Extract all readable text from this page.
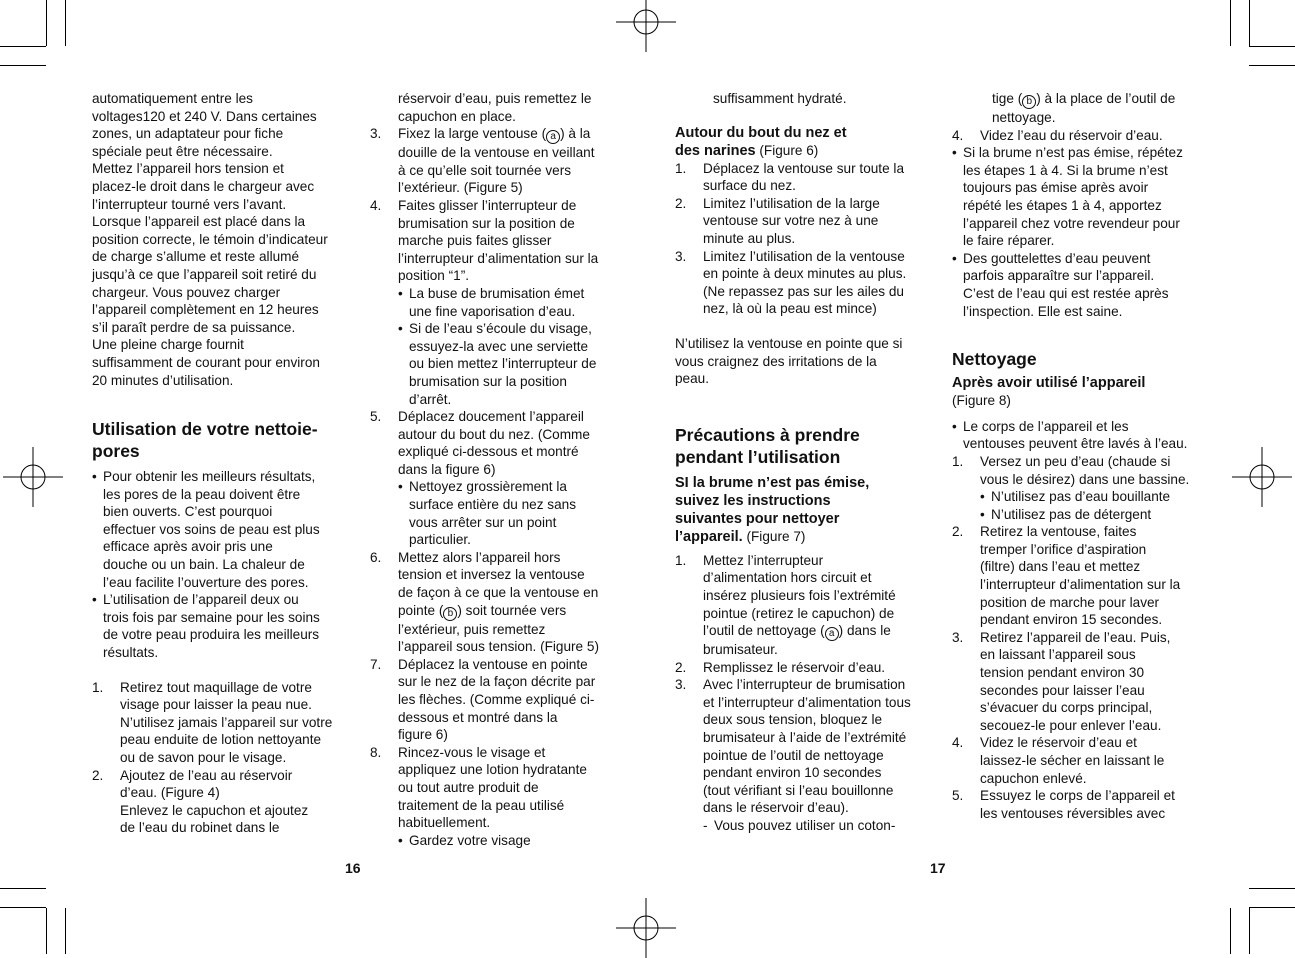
automatiquement entre les
voltages120 et 240 V. Dans certaines
zones, un adaptateur pour fiche
spéciale peut être nécessaire.
Mettez l’appareil hors tension et
placez-le droit dans le chargeur avec
l’interrupteur tourné vers l’avant.
Lorsque l’appareil est placé dans la
position correcte, le témoin d’indicateur
de charge s’allume et reste allumé
jusqu’à ce que l’appareil soit retiré du
chargeur. Vous pouvez charger
l’appareil complètement en 12 heures
s’il paraît perdre de sa puissance.
Une pleine charge fournit
suffisamment de courant pour environ
20 minutes d’utilisation.
Utilisation de votre nettoie-
pores
• Pour obtenir les meilleurs résultats,
les pores de la peau doivent être
bien ouverts. C’est pourquoi
effectuer vos soins de peau est plus
efficace après avoir pris une
douche ou un bain. La chaleur de
l’eau facilite l’ouverture des pores.
• L’utilisation de l’appareil deux ou
trois fois par semaine pour les soins
de votre peau produira les meilleurs
résultats.
1.	Retirez tout maquillage de votre
visage pour laisser la peau nue.
N’utilisez jamais l’appareil sur votre
peau enduite de lotion nettoyante
ou de savon pour le visage.
2.	Ajoutez de l’eau au réservoir
d’eau. (Figure 4)
Enlevez le capuchon et ajoutez
de l’eau du robinet dans le
réservoir d’eau, puis remettez le
capuchon en place.
3.	Fixez la large ventouse ( a ) à la
douille de la ventouse en veillant
à ce qu’elle soit tournée vers
l’extérieur. (Figure 5)
4.	Faites glisser l’interrupteur de
brumisation sur la position de
marche puis faites glisser
l’interrupteur d’alimentation sur la
position “1”.
• La buse de brumisation émet
une fine vaporisation d’eau.
• Si de l’eau s’écoule du visage,
essuyez-la avec une serviette
ou bien mettez l’interrupteur de
brumisation sur la position
d’arrêt.
5.	Déplacez doucement l’appareil
autour du bout du nez. (Comme
expliqué ci-dessous et montré
dans la figure 6)
• Nettoyez grossièrement la
surface entière du nez sans
vous arrêter sur un point
particulier.
6.	Mettez alors l’appareil hors
tension et inversez la ventouse
de façon à ce que la ventouse en
pointe ( b ) soit tournée vers
l’extérieur, puis remettez
l’appareil sous tension. (Figure 5)
7.	Déplacez la ventouse en pointe
sur le nez de la façon décrite par
les flèches. (Comme expliqué ci-
dessous et montré dans la
figure 6)
8.	Rincez-vous le visage et
appliquez une lotion hydratante
ou tout autre produit de
traitement de la peau utilisé
habituellement.
• Gardez votre visage
16
suffisamment hydraté.
Autour du bout du nez et
des narines (Figure 6)
1.	Déplacez la ventouse sur toute la
surface du nez.
2.	Limitez l’utilisation de la large
ventouse sur votre nez à une
minute au plus.
3.	Limitez l’utilisation de la ventouse
en pointe à deux minutes au plus.
(Ne repassez pas sur les ailes du
nez, là où la peau est mince)
N’utilisez la ventouse en pointe que si
vous craignez des irritations de la
peau.
Précautions à prendre
pendant l’utilisation
SI la brume n’est pas émise,
suivez les instructions
suivantes pour nettoyer
l’appareil. (Figure 7)
1.	Mettez l’interrupteur
d’alimentation hors circuit et
insérez plusieurs fois l’extrémité
pointue (retirez le capuchon) de
l’outil de nettoyage ( a ) dans le
brumisateur.
2.	Remplissez le réservoir d’eau.
3.	Avec l’interrupteur de brumisation
et l’interrupteur d’alimentation tous
deux sous tension, bloquez le
brumisateur à l’aide de l’extrémité
pointue de l’outil de nettoyage
pendant environ 10 secondes
(tout vérifiant si l’eau bouillonne
dans le réservoir d’eau).
- Vous pouvez utiliser un coton-
tige ( b ) à la place de l’outil de
nettoyage.
4.	Videz l’eau du réservoir d’eau.
• Si la brume n’est pas émise, répétez
les étapes 1 à 4. Si la brume n’est
toujours pas émise après avoir
répété les étapes 1 à 4, apportez
l’appareil chez votre revendeur pour
le faire réparer.
• Des gouttelettes d’eau peuvent
parfois apparaître sur l’appareil.
C’est de l’eau qui est restée après
l’inspection. Elle est saine.
Nettoyage
Après avoir utilisé l’appareil
(Figure 8)
• Le corps de l’appareil et les
ventouses peuvent être lavés à l’eau.
1.	Versez un peu d’eau (chaude si
vous le désirez) dans une bassine.
• N’utilisez pas d’eau bouillante
• N’utilisez pas de détergent
2.	Retirez la ventouse, faites
tremper l’orifice d’aspiration
(filtre) dans l’eau et mettez
l’interrupteur d’alimentation sur la
position de marche pour laver
pendant environ 15 secondes.
3.	Retirez l’appareil de l’eau. Puis,
en laissant l’appareil sous
tension pendant environ 30
secondes pour laisser l’eau
s’évacuer du corps principal,
secouez-le pour enlever l’eau.
4.	Videz le réservoir d’eau et
laissez-le sécher en laissant le
capuchon enlevé.
5.	Essuyez le corps de l’appareil et
les ventouses réversibles avec
17
